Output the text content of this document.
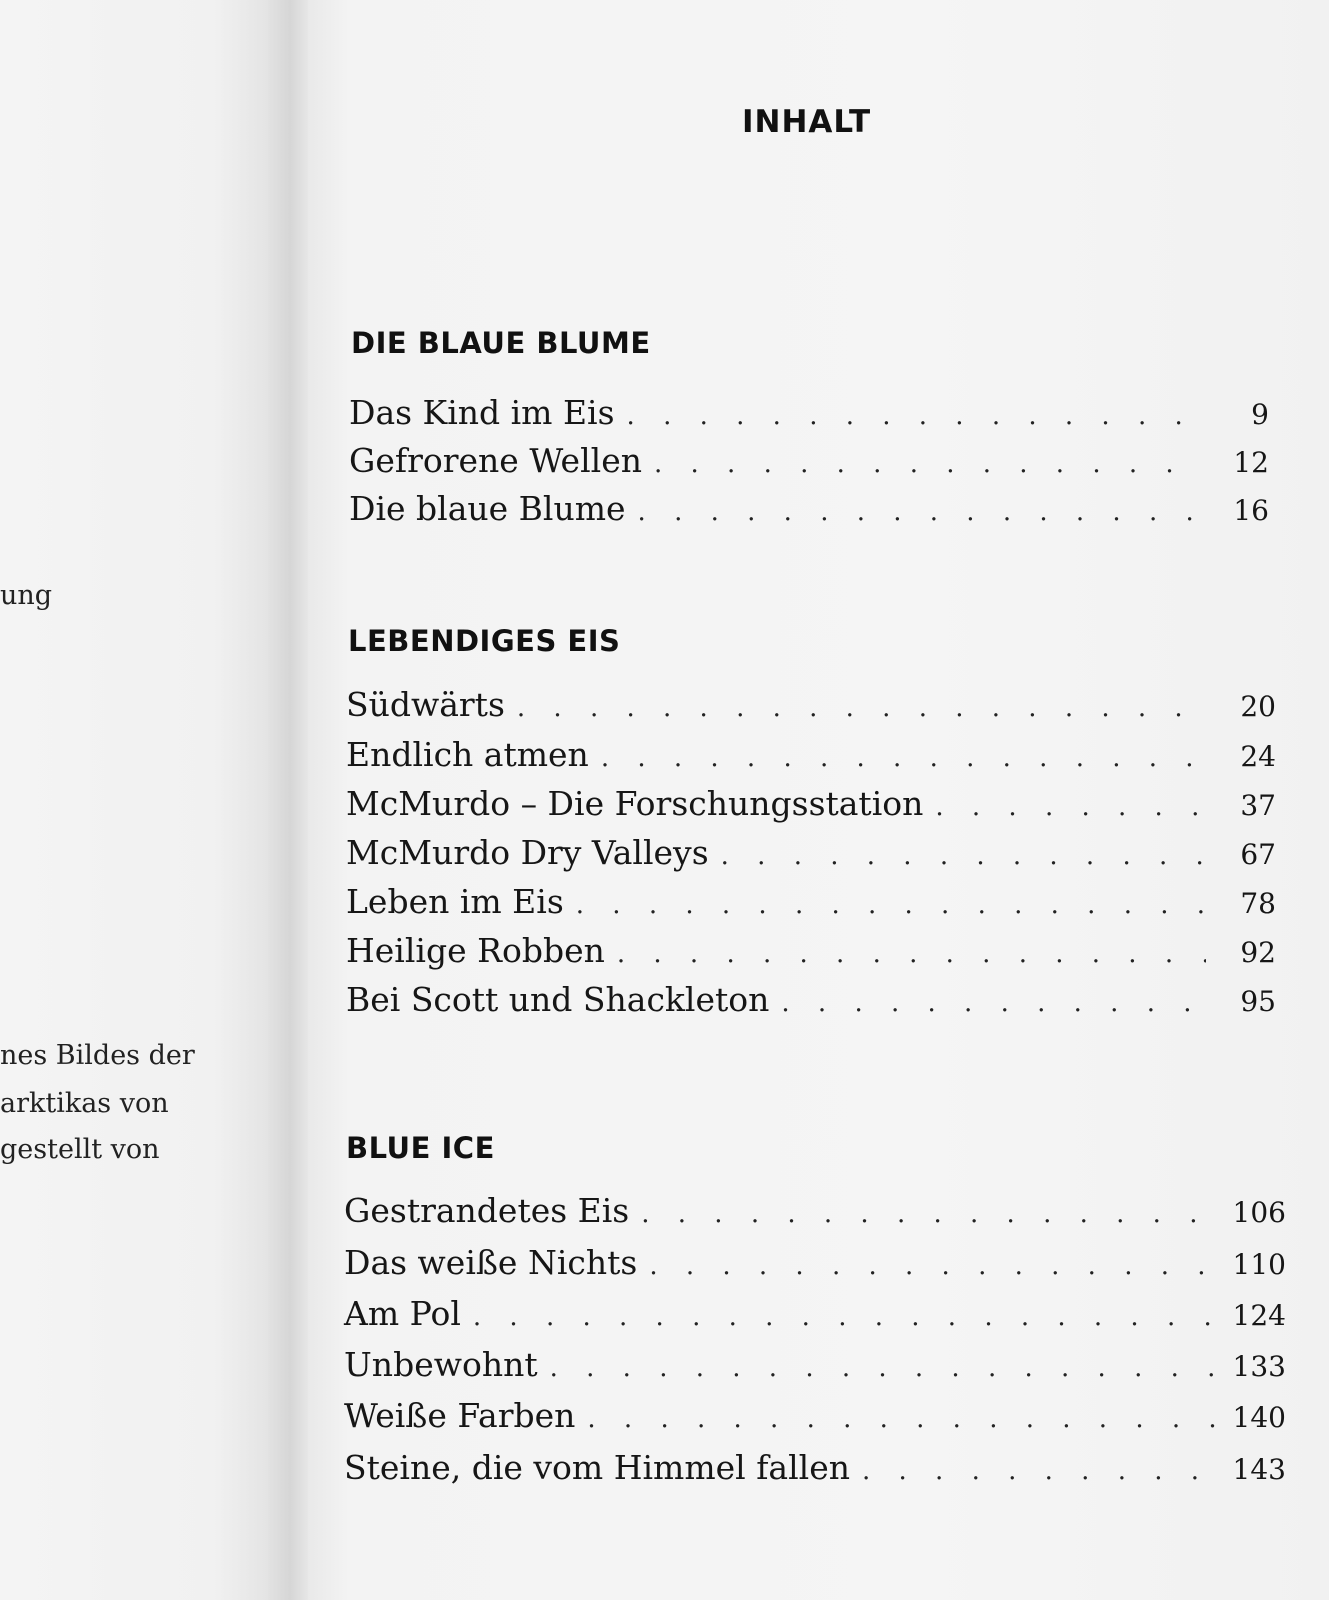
ung
nes Bildes der
arktikas von
gestellt von
INHALT
DIE BLAUE BLUME
Das Kind im Eis . . .	9
Gefrorene Wellen . . .	12
Die blaue Blume . . .	16
LEBENDIGES EIS
Südwärts . . .	20
Endlich atmen . . .	24
McMurdo – Die Forschungsstation . . .	37
McMurdo Dry Valleys . . .	67
Leben im Eis . . .	78
Heilige Robben . . .	92
Bei Scott und Shackleton . . .	95
BLUE ICE
Gestrandetes Eis . . .	106
Das weiße Nichts . . .	110
Am Pol . . .	124
Unbewohnt . . .	133
Weiße Farben . . .	140
Steine, die vom Himmel fallen . . .	143
